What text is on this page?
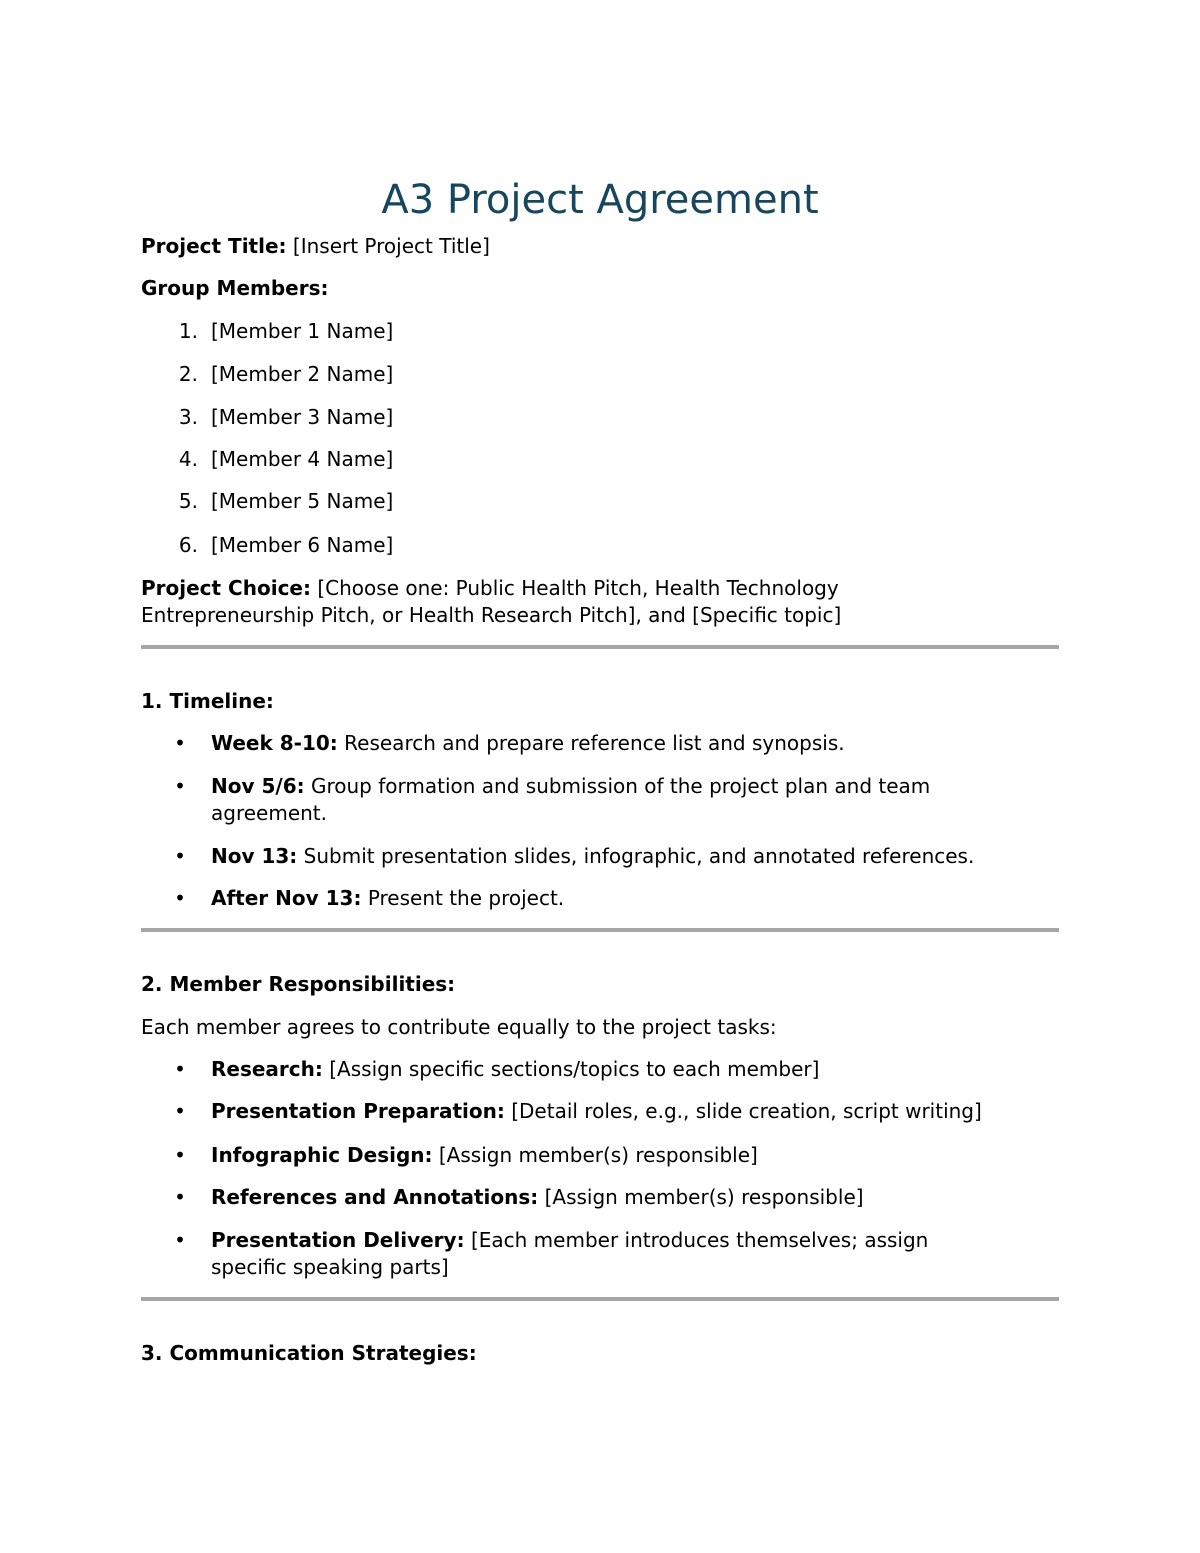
A3 Project Agreement

Project Title: [Insert Project Title]

Group Members:

1. [Member 1 Name]
2. [Member 2 Name]
3. [Member 3 Name]
4. [Member 4 Name]
5. [Member 5 Name]
6. [Member 6 Name]

Project Choice: [Choose one: Public Health Pitch, Health Technology

Entrepreneurship Pitch, or Health Research Pitch], and [Specific topic]

1. Timeline:

• Week 8-10: Research and prepare reference list and synopsis.
• Nov 5/6: Group formation and submission of the project plan and team
agreement.
• Nov 13: Submit presentation slides, infographic, and annotated references.
• After Nov 13: Present the project.

2. Member Responsibilities:

Each member agrees to contribute equally to the project tasks:

• Research: [Assign specific sections/topics to each member]
• Presentation Preparation: [Detail roles, e.g., slide creation, script writing]
• Infographic Design: [Assign member(s) responsible]
• References and Annotations: [Assign member(s) responsible]
• Presentation Delivery: [Each member introduces themselves; assign
specific speaking parts]

3. Communication Strategies:
